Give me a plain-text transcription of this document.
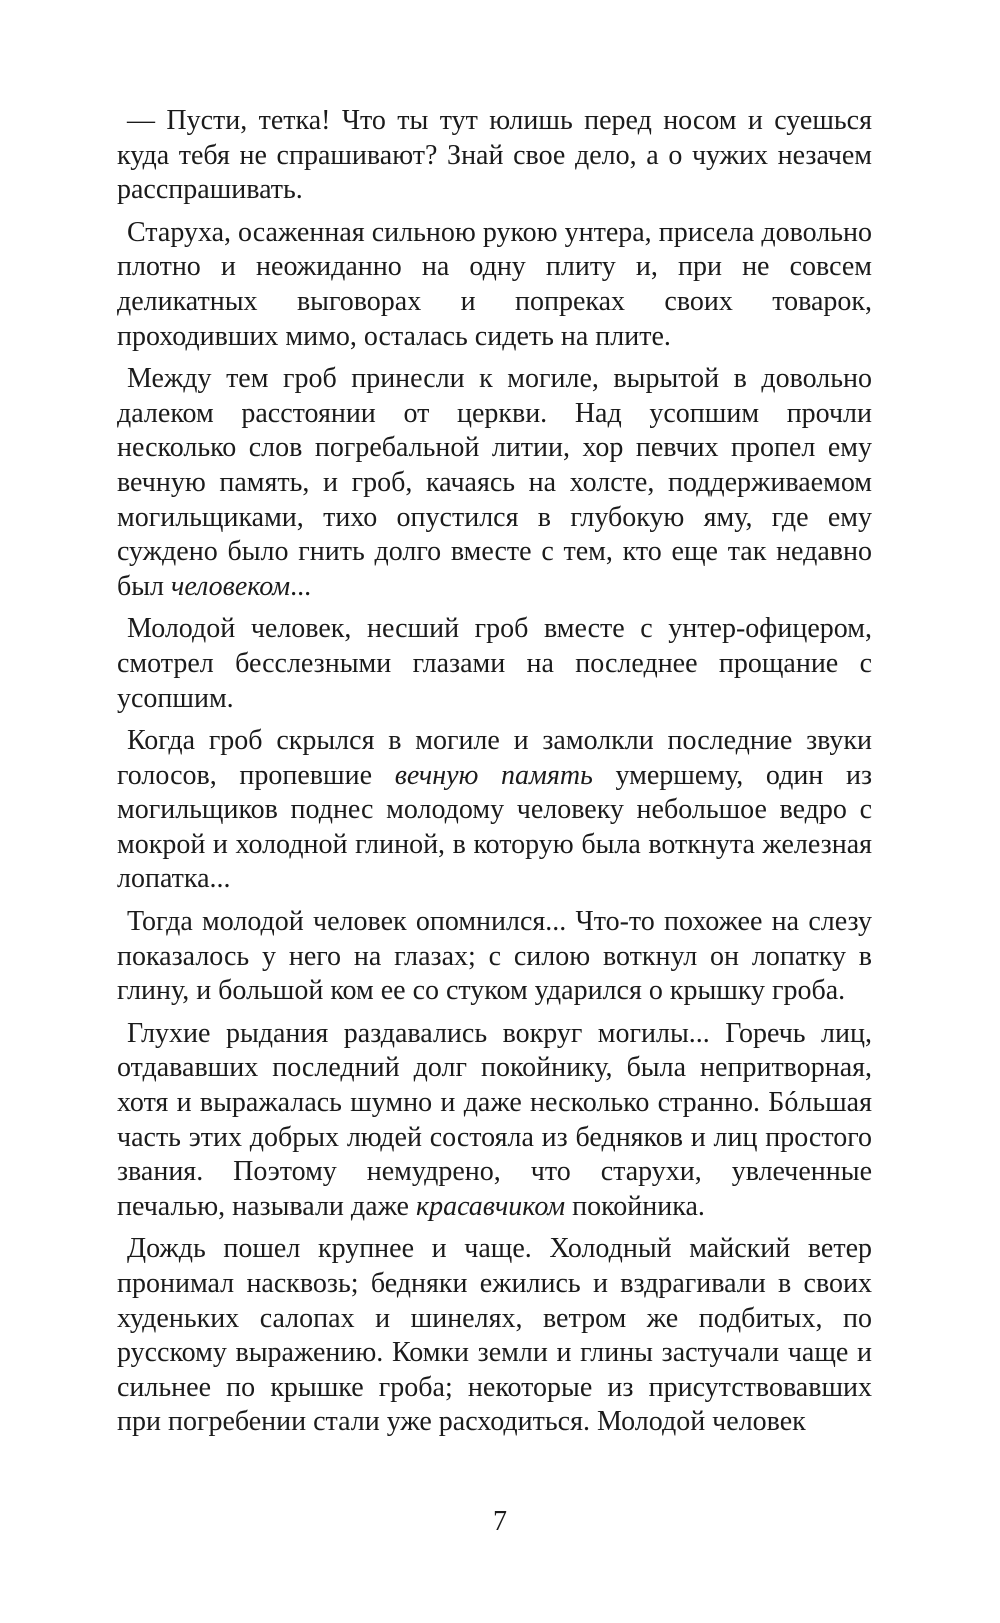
— Пусти, тетка! Что ты тут юлишь перед носом и суешься куда тебя не спрашивают? Знай свое дело, а о чужих незачем расспрашивать.

Старуха, осаженная сильною рукою унтера, присела довольно плотно и неожиданно на одну плиту и, при не совсем деликатных выговорах и попреках своих товарок, проходивших мимо, осталась сидеть на плите.

Между тем гроб принесли к могиле, вырытой в довольно далеком расстоянии от церкви. Над усопшим прочли несколько слов погребальной литии, хор певчих пропел ему вечную память, и гроб, качаясь на холсте, поддерживаемом могильщиками, тихо опустился в глубокую яму, где ему суждено было гнить долго вместе с тем, кто еще так недавно был человеком...

Молодой человек, несший гроб вместе с унтер-офицером, смотрел бесслезными глазами на последнее прощание с усопшим.

Когда гроб скрылся в могиле и замолкли последние звуки голосов, пропевшие вечную память умершему, один из могильщиков поднес молодому человеку небольшое ведро с мокрой и холодной глиной, в которую была воткнута железная лопатка...

Тогда молодой человек опомнился... Что-то похожее на слезу показалось у него на глазах; с силою воткнул он лопатку в глину, и большой ком ее со стуком ударился о крышку гроба.

Глухие рыдания раздавались вокруг могилы... Горечь лиц, отдававших последний долг покойнику, была непритворная, хотя и выражалась шумно и даже несколько странно. Бóльшая часть этих добрых людей состояла из бедняков и лиц простого звания. Поэтому немудрено, что старухи, увлеченные печалью, называли даже красавчиком покойника.

Дождь пошел крупнее и чаще. Холодный майский ветер пронимал насквозь; бедняки ежились и вздрагивали в своих худеньких салопах и шинелях, ветром же подбитых, по русскому выражению. Комки земли и глины застучали чаще и сильнее по крышке гроба; некоторые из присутствовавших при погребении стали уже расходиться. Молодой человек

7
